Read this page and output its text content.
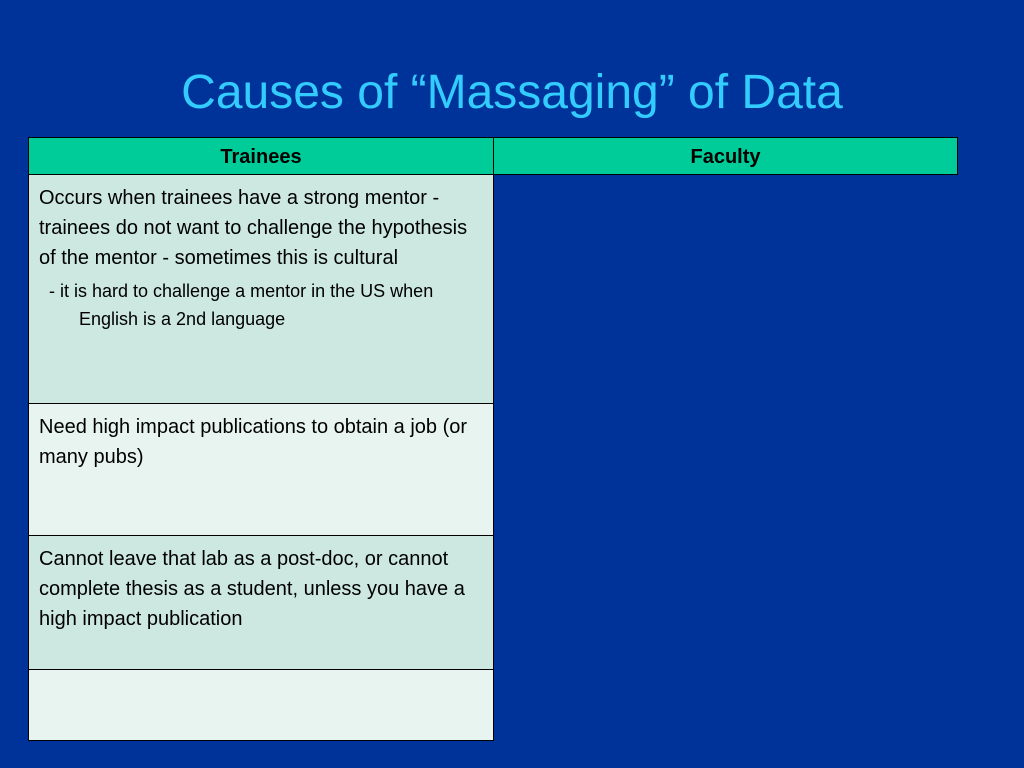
Causes of “Massaging” of Data
Trainees	Faculty
Occurs when trainees have a strong mentor - trainees do not want to challenge the hypothesis of the mentor - sometimes this is cultural
- it is hard to challenge a mentor in the US when English is a 2nd language
Need high impact publications to obtain a job (or many pubs)
Cannot leave that lab as a post-doc, or cannot complete thesis as a student, unless you have a high impact publication
